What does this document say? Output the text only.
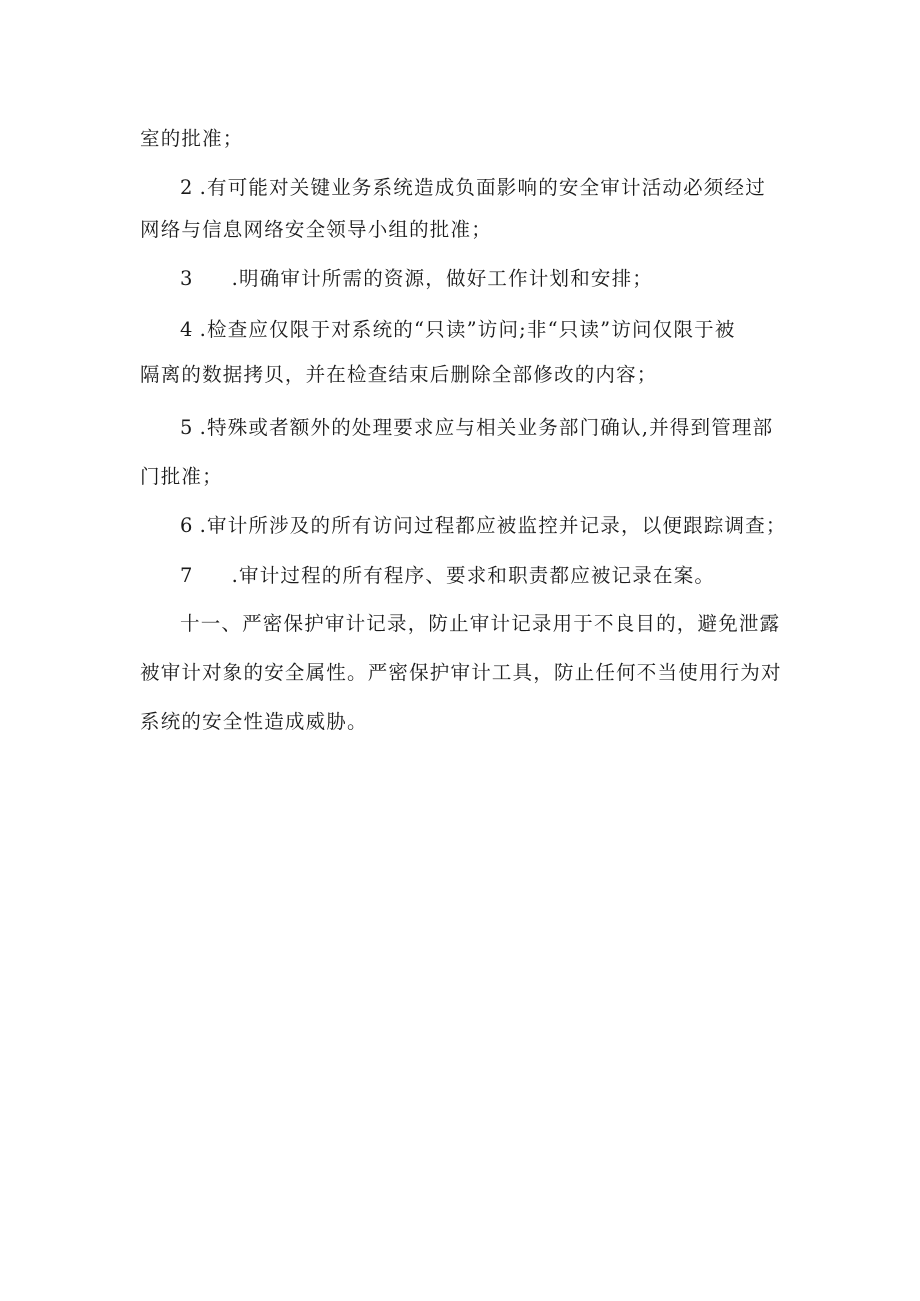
室的批准；
2 .有可能对关键业务系统造成负面影响的安全审计活动必须经过
网络与信息网络安全领导小组的批准；
3 .明确审计所需的资源，做好工作计划和安排；
4 .检查应仅限于对系统的“只读”访问;非“只读”访问仅限于被
隔离的数据拷贝，并在检查结束后删除全部修改的内容；
5 .特殊或者额外的处理要求应与相关业务部门确认,并得到管理部
门批准；
6 .审计所涉及的所有访问过程都应被监控并记录，以便跟踪调查；
7 .审计过程的所有程序、要求和职责都应被记录在案。
十一、严密保护审计记录，防止审计记录用于不良目的，避免泄露
被审计对象的安全属性。严密保护审计工具，防止任何不当使用行为对
系统的安全性造成威胁。
